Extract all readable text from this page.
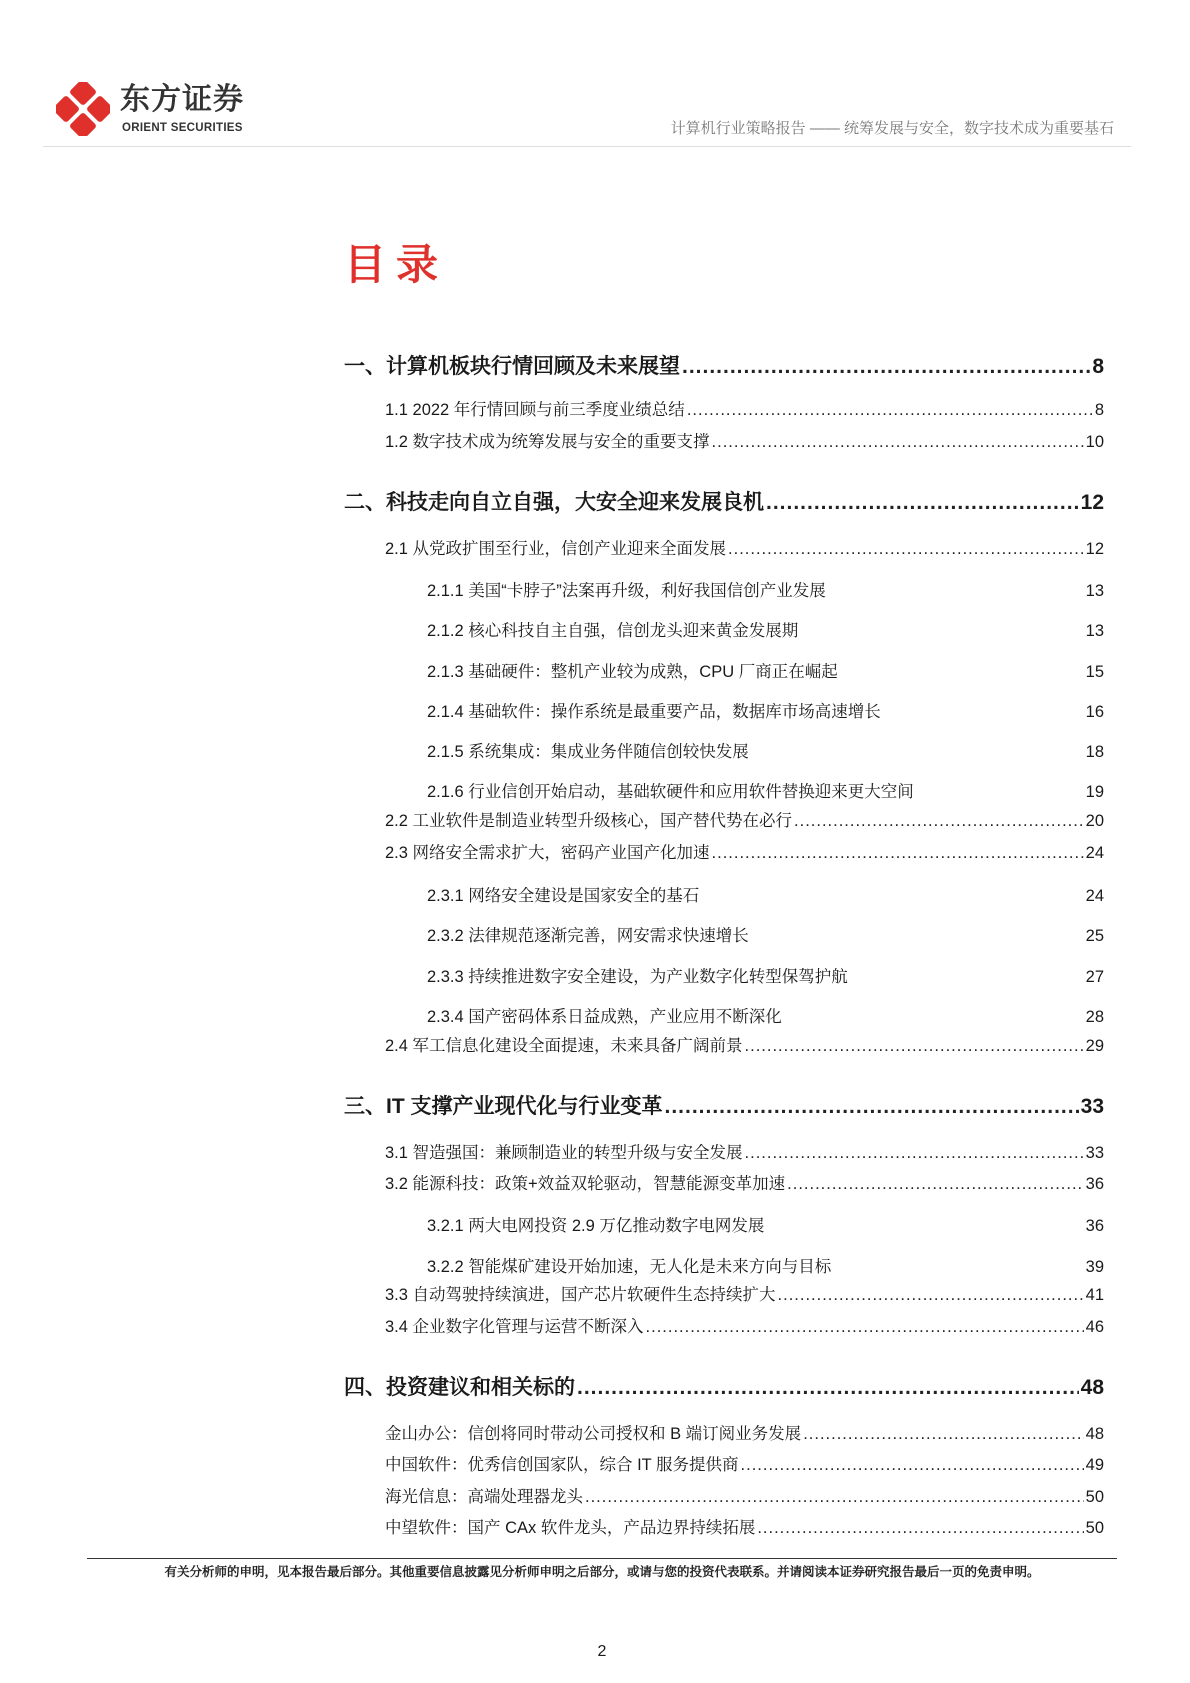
东方证券
ORIENT SECURITIES	计算机行业策略报告 —— 统筹发展与安全，数字技术成为重要基石
目录
一、计算机板块行情回顾及未来展望 .....	8
1.1 2022 年行情回顾与前三季度业绩总结 .....	8
1.2 数字技术成为统筹发展与安全的重要支撑 .....	10
二、科技走向自立自强，大安全迎来发展良机 .....	12
2.1 从党政扩围至行业，信创产业迎来全面发展 .....	12
2.1.1 美国“卡脖子”法案再升级，利好我国信创产业发展	13
2.1.2 核心科技自主自强，信创龙头迎来黄金发展期	13
2.1.3 基础硬件：整机产业较为成熟，CPU 厂商正在崛起	15
2.1.4 基础软件：操作系统是最重要产品，数据库市场高速增长	16
2.1.5 系统集成：集成业务伴随信创较快发展	18
2.1.6 行业信创开始启动，基础软硬件和应用软件替换迎来更大空间	19
2.2 工业软件是制造业转型升级核心，国产替代势在必行 .....	20
2.3 网络安全需求扩大，密码产业国产化加速 .....	24
2.3.1 网络安全建设是国家安全的基石	24
2.3.2 法律规范逐渐完善，网安需求快速增长	25
2.3.3 持续推进数字安全建设，为产业数字化转型保驾护航	27
2.3.4 国产密码体系日益成熟，产业应用不断深化	28
2.4 军工信息化建设全面提速，未来具备广阔前景 .....	29
三、IT 支撑产业现代化与行业变革 .....	33
3.1 智造强国：兼顾制造业的转型升级与安全发展 .....	33
3.2 能源科技：政策+效益双轮驱动，智慧能源变革加速 .....	36
3.2.1 两大电网投资 2.9 万亿推动数字电网发展	36
3.2.2 智能煤矿建设开始加速，无人化是未来方向与目标	39
3.3 自动驾驶持续演进，国产芯片软硬件生态持续扩大 .....	41
3.4 企业数字化管理与运营不断深入 .....	46
四、投资建议和相关标的 .....	48
金山办公：信创将同时带动公司授权和 B 端订阅业务发展 .....	48
中国软件：优秀信创国家队，综合 IT 服务提供商 .....	49
海光信息：高端处理器龙头 .....	50
中望软件：国产 CAx 软件龙头，产品边界持续拓展 .....	50
有关分析师的申明，见本报告最后部分。其他重要信息披露见分析师申明之后部分，或请与您的投资代表联系。并请阅读本证券研究报告最后一页的免责申明。
2
